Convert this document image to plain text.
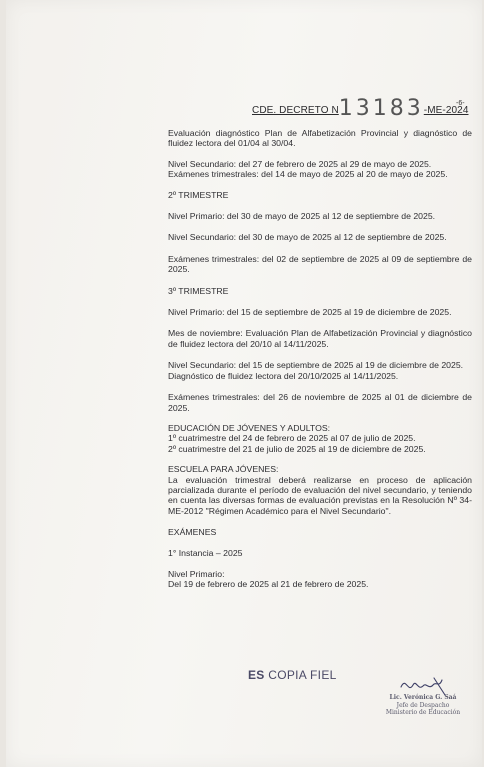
CDE. DECRETO N13183-ME-2024
-6-

Evaluación diagnóstico Plan de Alfabetización Provincial y diagnóstico de fluidez lectora del 01/04 al 30/04.

Nivel Secundario: del 27 de febrero de 2025 al 29 de mayo de 2025.
Exámenes trimestrales: del 14 de mayo de 2025 al 20 de mayo de 2025.

2º TRIMESTRE

Nivel Primario: del 30 de mayo de 2025 al 12 de septiembre de 2025.

Nivel Secundario: del 30 de mayo de 2025 al 12 de septiembre de 2025.

Exámenes trimestrales: del 02 de septiembre de 2025 al 09 de septiembre de 2025.

3º TRIMESTRE

Nivel Primario: del 15 de septiembre de 2025 al 19 de diciembre de 2025.

Mes de noviembre: Evaluación Plan de Alfabetización Provincial y diagnóstico de fluidez lectora del 20/10 al 14/11/2025.

Nivel Secundario: del 15 de septiembre de 2025 al 19 de diciembre de 2025.
Diagnóstico de fluidez lectora del 20/10/2025 al 14/11/2025.

Exámenes trimestrales: del 26 de noviembre de 2025 al 01 de diciembre de 2025.

EDUCACIÓN DE JÓVENES Y ADULTOS:
1º cuatrimestre del 24 de febrero de 2025 al 07 de julio de 2025.
2º cuatrimestre del 21 de julio de 2025 al 19 de diciembre de 2025.

ESCUELA PARA JÓVENES:
La evaluación trimestral deberá realizarse en proceso de aplicación parcializada durante el período de evaluación del nivel secundario, y teniendo en cuenta las diversas formas de evaluación previstas en la Resolución Nº 34-ME-2012 "Régimen Académico para el Nivel Secundario".

EXÁMENES

1° Instancia – 2025

Nivel Primario:
Del 19 de febrero de 2025 al 21 de febrero de 2025.

ES COPIA FIEL
Lic. Verónica G. Saá
Jefe de Despacho
Ministerio de Educación
